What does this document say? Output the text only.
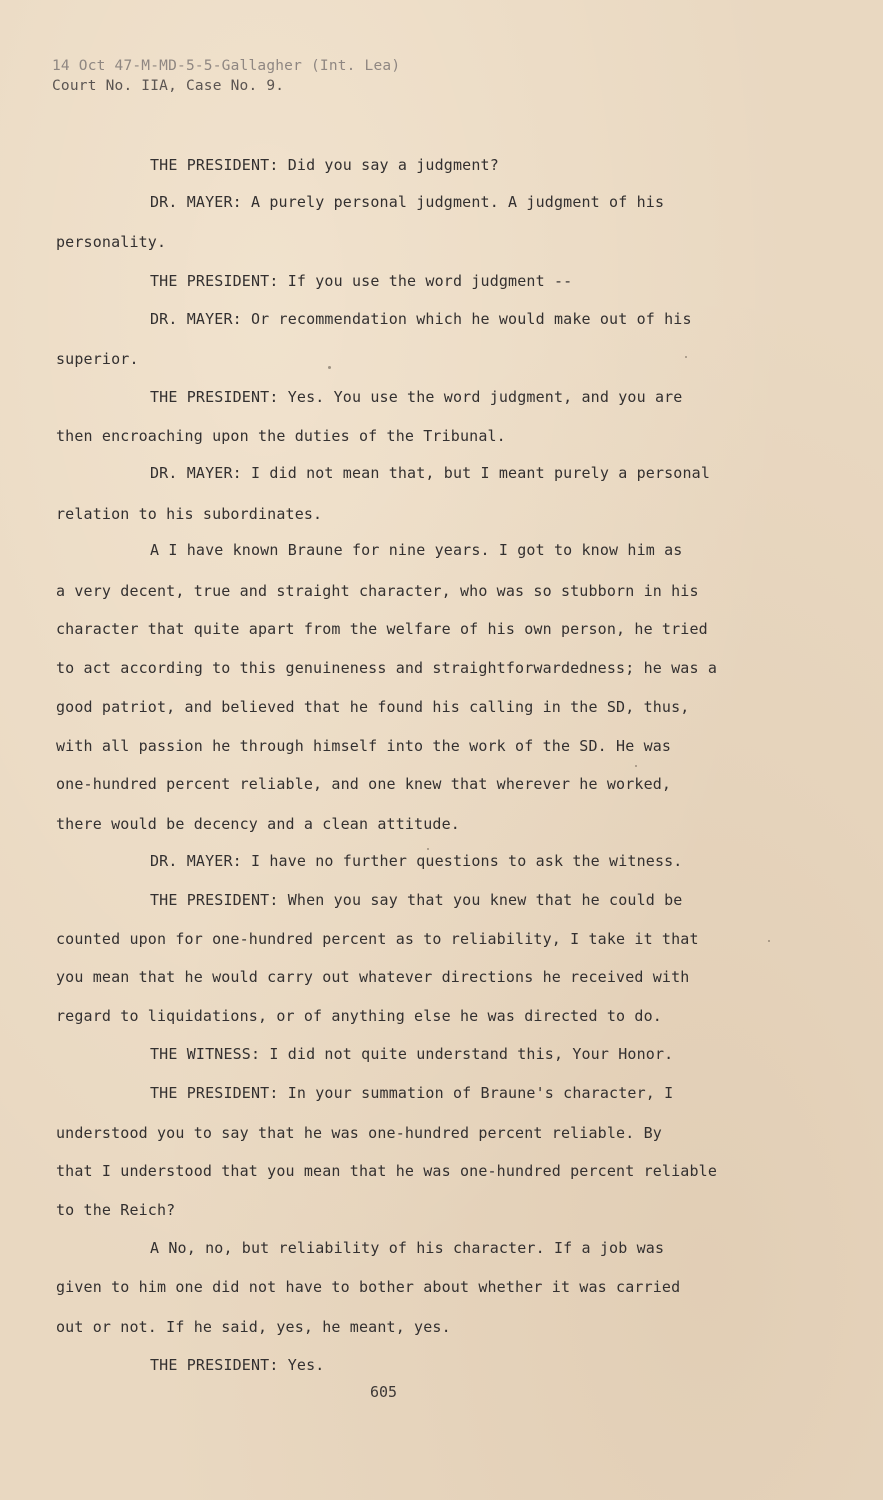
14 Oct 47-M-MD-5-5-Gallagher (Int. Lea)
Court No. IIA, Case No. 9.
THE PRESIDENT: Did you say a judgment?
DR. MAYER: A purely personal judgment. A judgment of his
personality.
THE PRESIDENT: If you use the word judgment --
DR. MAYER: Or recommendation which he would make out of his
superior.
THE PRESIDENT: Yes. You use the word judgment, and you are
then encroaching upon the duties of the Tribunal.
DR. MAYER: I did not mean that, but I meant purely a personal
relation to his subordinates.
A I have known Braune for nine years. I got to know him as
a very decent, true and straight character, who was so stubborn in his
character that quite apart from the welfare of his own person, he tried
to act according to this genuineness and straightforwardedness; he was a
good patriot, and believed that he found his calling in the SD, thus,
with all passion he through himself into the work of the SD. He was
one-hundred percent reliable, and one knew that wherever he worked,
there would be decency and a clean attitude.
DR. MAYER: I have no further questions to ask the witness.
THE PRESIDENT: When you say that you knew that he could be
counted upon for one-hundred percent as to reliability, I take it that
you mean that he would carry out whatever directions he received with
regard to liquidations, or of anything else he was directed to do.
THE WITNESS: I did not quite understand this, Your Honor.
THE PRESIDENT: In your summation of Braune's character, I
understood you to say that he was one-hundred percent reliable. By
that I understood that you mean that he was one-hundred percent reliable
to the Reich?
A No, no, but reliability of his character. If a job was
given to him one did not have to bother about whether it was carried
out or not. If he said, yes, he meant, yes.
THE PRESIDENT: Yes.
605
